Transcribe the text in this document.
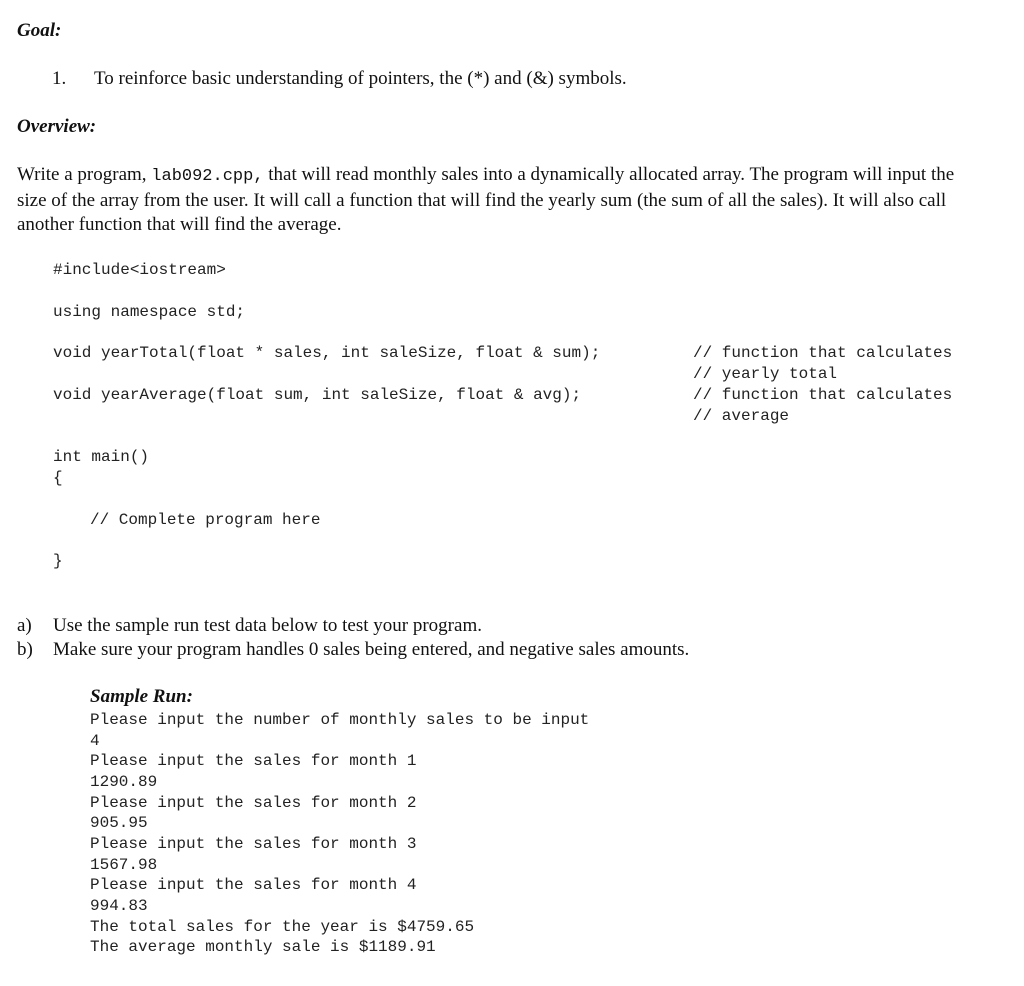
Goal:
1. To reinforce basic understanding of pointers, the (*) and (&) symbols.
Overview:
Write a program, lab092.cpp, that will read monthly sales into a dynamically allocated array. The program will input the
size of the array from the user. It will call a function that will find the yearly sum (the sum of all the sales). It will also call
another function that will find the average.
#include<iostream>
using namespace std;
void yearTotal(float * sales, int saleSize, float & sum);	// function that calculates
// yearly total
void yearAverage(float sum, int saleSize, float & avg);	// function that calculates
// average
int main()
{
// Complete program here
}
a) Use the sample run test data below to test your program.
b) Make sure your program handles 0 sales being entered, and negative sales amounts.
Sample Run:
Please input the number of monthly sales to be input
4
Please input the sales for month 1
1290.89
Please input the sales for month 2
905.95
Please input the sales for month 3
1567.98
Please input the sales for month 4
994.83
The total sales for the year is $4759.65
The average monthly sale is $1189.91
